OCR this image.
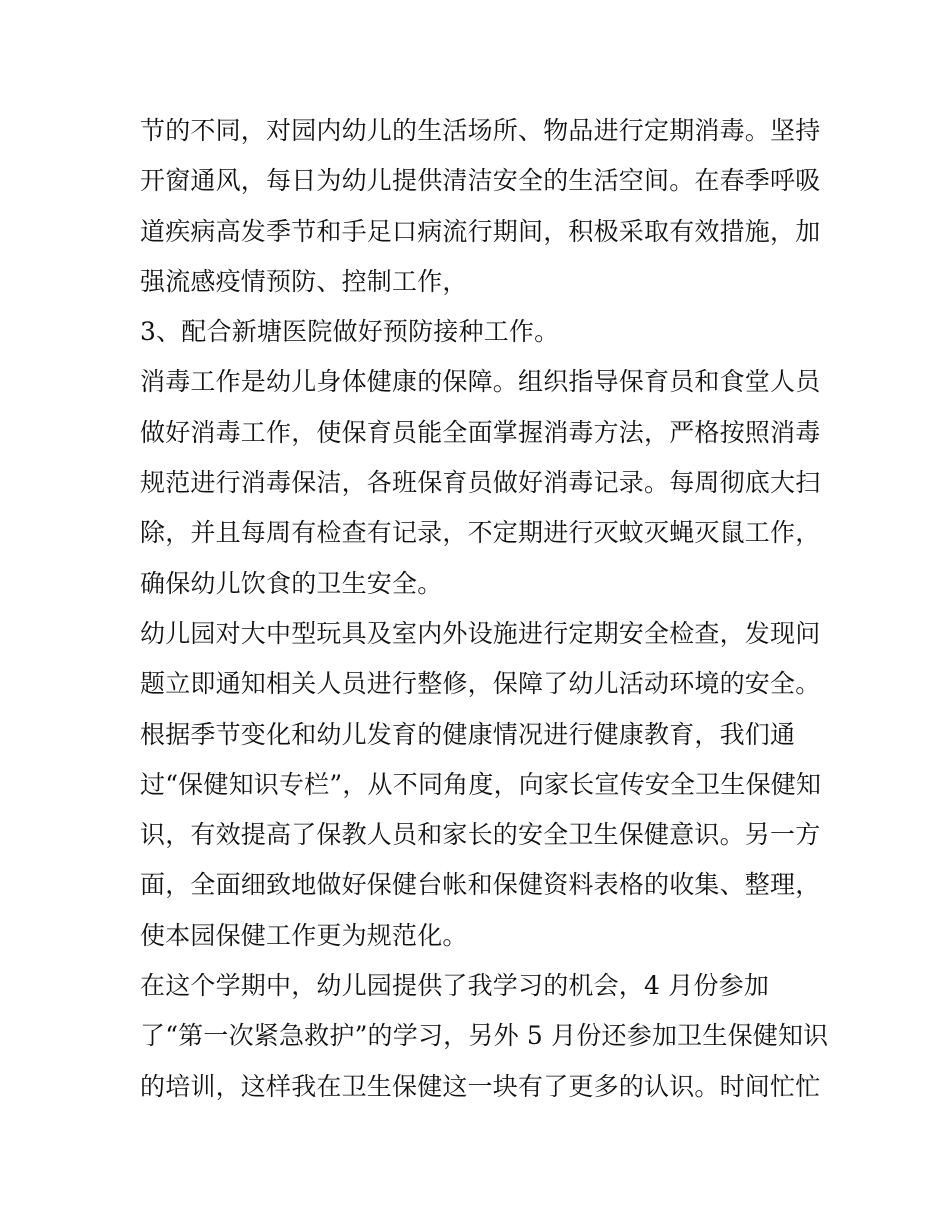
节的不同，对园内幼儿的生活场所、物品进行定期消毒。坚持
开窗通风，每日为幼儿提供清洁安全的生活空间。在春季呼吸
道疾病高发季节和手足口病流行期间，积极采取有效措施，加
强流感疫情预防、控制工作，
3、配合新塘医院做好预防接种工作。
消毒工作是幼儿身体健康的保障。组织指导保育员和食堂人员
做好消毒工作，使保育员能全面掌握消毒方法，严格按照消毒
规范进行消毒保洁，各班保育员做好消毒记录。每周彻底大扫
除，并且每周有检查有记录，不定期进行灭蚊灭蝇灭鼠工作，
确保幼儿饮食的卫生安全。
幼儿园对大中型玩具及室内外设施进行定期安全检查，发现问
题立即通知相关人员进行整修，保障了幼儿活动环境的安全。
根据季节变化和幼儿发育的健康情况进行健康教育，我们通
过“保健知识专栏”，从不同角度，向家长宣传安全卫生保健知
识，有效提高了保教人员和家长的安全卫生保健意识。另一方
面，全面细致地做好保健台帐和保健资料表格的收集、整理，
使本园保健工作更为规范化。
在这个学期中，幼儿园提供了我学习的机会，4 月份参加
了“第一次紧急救护”的学习，另外 5 月份还参加卫生保健知识
的培训，这样我在卫生保健这一块有了更多的认识。时间忙忙
